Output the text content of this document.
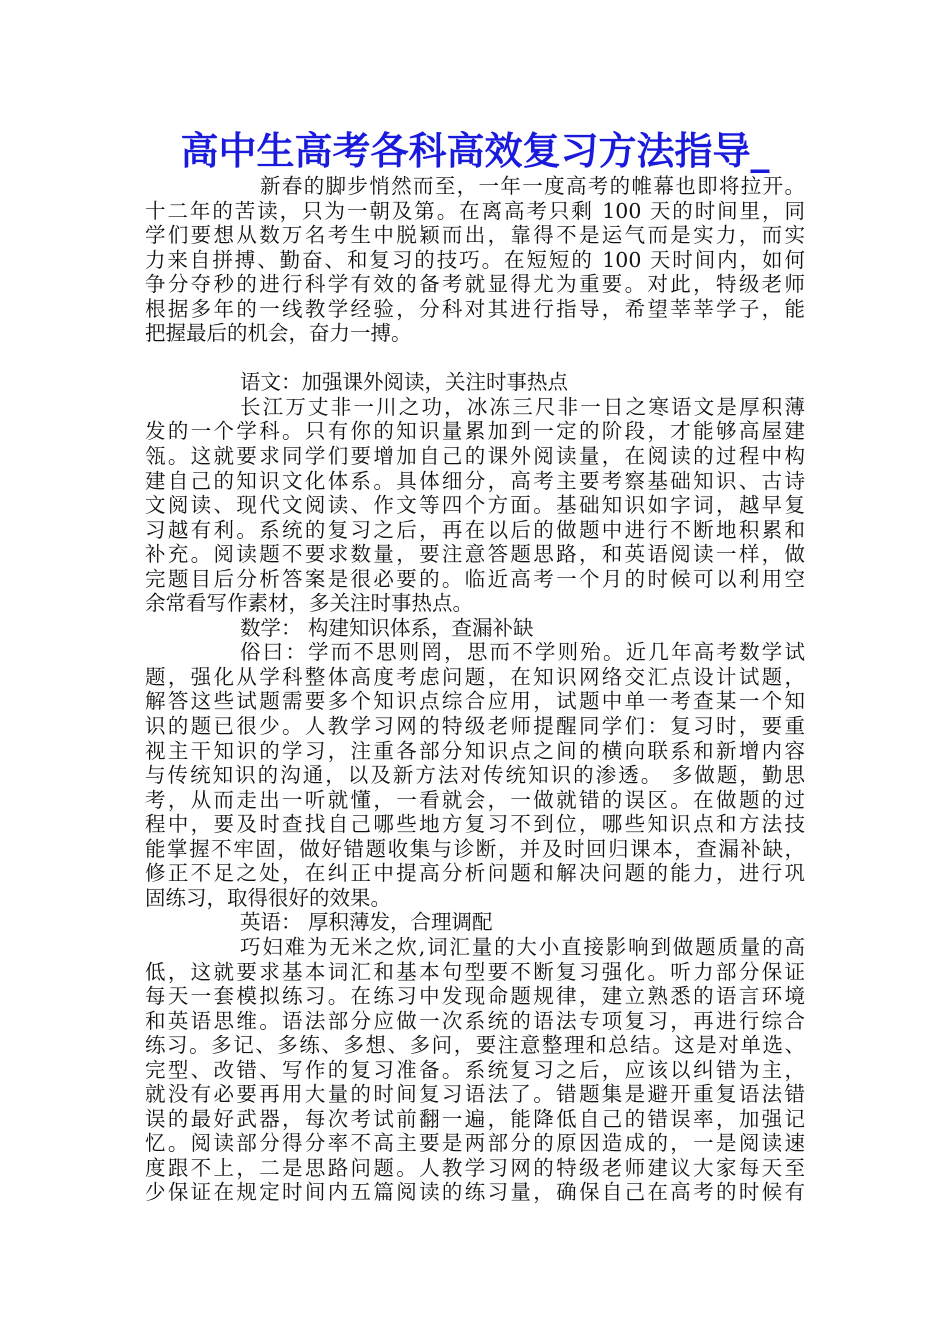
高中生高考各科高效复习方法指导_
新春的脚步悄然而至，一年一度高考的帷幕也即将拉开。
十二年的苦读，只为一朝及第。在离高考只剩 100 天的时间里，同
学们要想从数万名考生中脱颖而出，靠得不是运气而是实力，而实
力来自拼搏、勤奋、和复习的技巧。在短短的 100 天时间内，如何
争分夺秒的进行科学有效的备考就显得尤为重要。对此，特级老师
根据多年的一线教学经验，分科对其进行指导，希望莘莘学子，能
把握最后的机会，奋力一搏。
语文：加强课外阅读，关注时事热点
长江万丈非一川之功，冰冻三尺非一日之寒语文是厚积薄
发的一个学科。只有你的知识量累加到一定的阶段，才能够高屋建
瓴。这就要求同学们要增加自己的课外阅读量，在阅读的过程中构
建自己的知识文化体系。具体细分，高考主要考察基础知识、古诗
文阅读、现代文阅读、作文等四个方面。基础知识如字词，越早复
习越有利。系统的复习之后，再在以后的做题中进行不断地积累和
补充。阅读题不要求数量，要注意答题思路，和英语阅读一样，做
完题目后分析答案是很必要的。临近高考一个月的时候可以利用空
余常看写作素材，多关注时事热点。
数学： 构建知识体系，查漏补缺
俗曰：学而不思则罔，思而不学则殆。近几年高考数学试
题，强化从学科整体高度考虑问题，在知识网络交汇点设计试题，
解答这些试题需要多个知识点综合应用，试题中单一考查某一个知
识的题已很少。人教学习网的特级老师提醒同学们：复习时，要重
视主干知识的学习，注重各部分知识点之间的横向联系和新增内容
与传统知识的沟通，以及新方法对传统知识的渗透。 多做题，勤思
考，从而走出一听就懂，一看就会，一做就错的误区。在做题的过
程中，要及时查找自己哪些地方复习不到位，哪些知识点和方法技
能掌握不牢固，做好错题收集与诊断，并及时回归课本，查漏补缺，
修正不足之处，在纠正中提高分析问题和解决问题的能力，进行巩
固练习，取得很好的效果。
英语： 厚积薄发，合理调配
巧妇难为无米之炊,词汇量的大小直接影响到做题质量的高
低，这就要求基本词汇和基本句型要不断复习强化。听力部分保证
每天一套模拟练习。在练习中发现命题规律，建立熟悉的语言环境
和英语思维。语法部分应做一次系统的语法专项复习，再进行综合
练习。多记、多练、多想、多问，要注意整理和总结。这是对单选、
完型、改错、写作的复习准备。系统复习之后，应该以纠错为主，
就没有必要再用大量的时间复习语法了。错题集是避开重复语法错
误的最好武器，每次考试前翻一遍，能降低自己的错误率，加强记
忆。阅读部分得分率不高主要是两部分的原因造成的，一是阅读速
度跟不上，二是思路问题。人教学习网的特级老师建议大家每天至
少保证在规定时间内五篇阅读的练习量，确保自己在高考的时候有
